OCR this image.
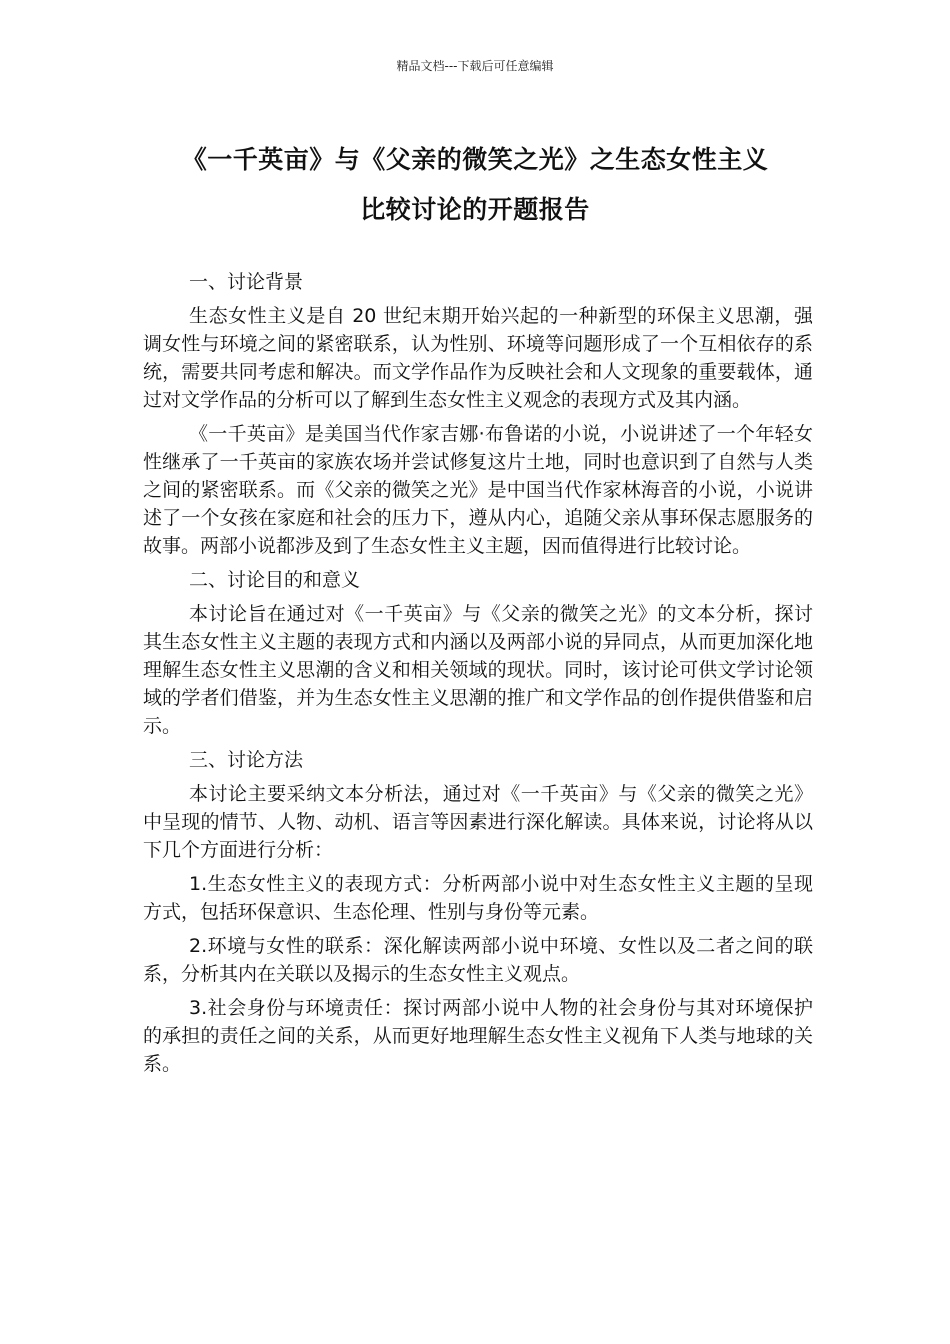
精品文档---下载后可任意编辑
《一千英亩》与《父亲的微笑之光》之生态女性主义
比较讨论的开题报告

一、讨论背景

生态女性主义是自 20 世纪末期开始兴起的一种新型的环保主义思潮，强调女性与环境之间的紧密联系，认为性别、环境等问题形成了一个互相依存的系统，需要共同考虑和解决。而文学作品作为反映社会和人文现象的重要载体，通过对文学作品的分析可以了解到生态女性主义观念的表现方式及其内涵。

《一千英亩》是美国当代作家吉娜·布鲁诺的小说，小说讲述了一个年轻女性继承了一千英亩的家族农场并尝试修复这片土地，同时也意识到了自然与人类之间的紧密联系。而《父亲的微笑之光》是中国当代作家林海音的小说，小说讲述了一个女孩在家庭和社会的压力下，遵从内心，追随父亲从事环保志愿服务的故事。两部小说都涉及到了生态女性主义主题，因而值得进行比较讨论。

二、讨论目的和意义

本讨论旨在通过对《一千英亩》与《父亲的微笑之光》的文本分析，探讨其生态女性主义主题的表现方式和内涵以及两部小说的异同点，从而更加深化地理解生态女性主义思潮的含义和相关领域的现状。同时，该讨论可供文学讨论领域的学者们借鉴，并为生态女性主义思潮的推广和文学作品的创作提供借鉴和启示。

三、讨论方法

本讨论主要采纳文本分析法，通过对《一千英亩》与《父亲的微笑之光》中呈现的情节、人物、动机、语言等因素进行深化解读。具体来说，讨论将从以下几个方面进行分析：

1.生态女性主义的表现方式：分析两部小说中对生态女性主义主题的呈现方式，包括环保意识、生态伦理、性别与身份等元素。

2.环境与女性的联系：深化解读两部小说中环境、女性以及二者之间的联系，分析其内在关联以及揭示的生态女性主义观点。

3.社会身份与环境责任：探讨两部小说中人物的社会身份与其对环境保护的承担的责任之间的关系，从而更好地理解生态女性主义视角下人类与地球的关系。
